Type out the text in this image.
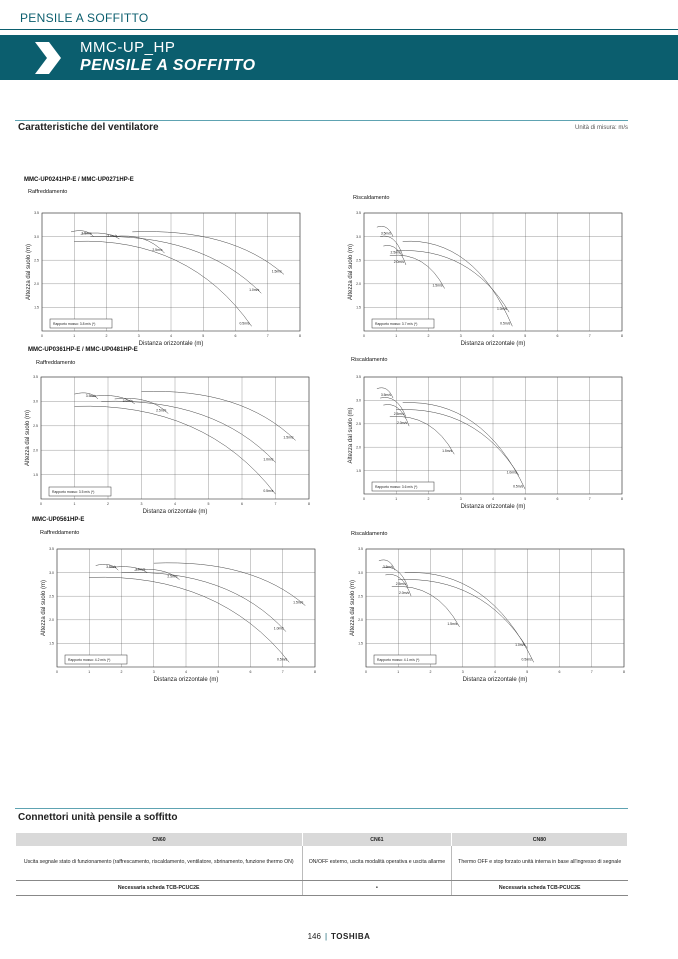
PENSILE A SOFFITTO
MMC-UP_HP
PENSILE A SOFFITTO
Caratteristiche del ventilatore	Unità di misura: m/s
MMC-UP0241HP-E / MMC-UP0271HP-E
MMC-UP0361HP-E / MMC-UP0481HP-E
MMC-UP0561HP-E
Raffreddamento
Riscaldamento
Raffreddamento	Riscaldamento
Raffreddamento	Riscaldamento
0	1	2	3	4	5	6	7	8
3.5
3.0
2.5
2.0
1.5
Distanza orizzontale (m)
Altezza dal suolo (m)
3.5m/s
3.0m/s
2.5m/s
1.5m/s
1.0m/s
0.5m/s
Rapporto mosso: 3.8 m/s (*)
0	1	2	3	4	5	6	7	8
3.5
3.0
2.5
2.0
1.5
Distanza orizzontale (m)
Altezza dal suolo (m)
3.5m/s
2.5m/s
2.0m/s
1.5m/s
1.0m/s
0.5m/s
Rapporto mosso: 3.7 m/s (*)
0	1	2	3	4	5	6	7	8
3.5
3.0
2.5
2.0
1.5
Distanza orizzontale (m)
Altezza dal suolo (m)
3.5m/s
3.0m/s
2.5m/s
1.5m/s
1.0m/s
0.5m/s
Rapporto mosso: 3.5 m/s (*)
0	1	2	3	4	5	6	7	8
3.5
3.0
2.5
2.0
1.5
Distanza orizzontale (m)
Altezza dal suolo (m)
3.5m/s
2.5m/s
2.0m/s
1.5m/s
1.0m/s
0.5m/s
Rapporto mosso: 3.6 m/s (*)
0	1	2	3	4	5	6	7	8
3.5
3.0
2.5
2.0
1.5
Distanza orizzontale (m)
Altezza dal suolo (m)
3.5m/s
3.0m/s
2.5m/s
1.5m/s
1.0m/s
0.5m/s
Rapporto mosso: 4.2 m/s (*)
0	1	2	3	4	5	6	7	8
3.5
3.0
2.5
2.0
1.5
Distanza orizzontale (m)
Altezza dal suolo (m)
3.5m/s
2.5m/s
2.0m/s
1.5m/s
1.0m/s
0.5m/s
Rapporto mosso: 4.1 m/s (*)
Connettori unità pensile a soffitto
CN60	CN61	CN80
Uscita segnale stato di funzionamento (raffrescamento, riscaldamento, ventilatore, sbrinamento, funzione thermo ON)	ON/OFF esterno, uscita modalità operativa e uscita allarme	Thermo OFF e stop forzato unità interna in base all'ingresso di segnale
Necessaria scheda TCB-PCUC2E	•	Necessaria scheda TCB-PCUC2E
146 | TOSHIBA
